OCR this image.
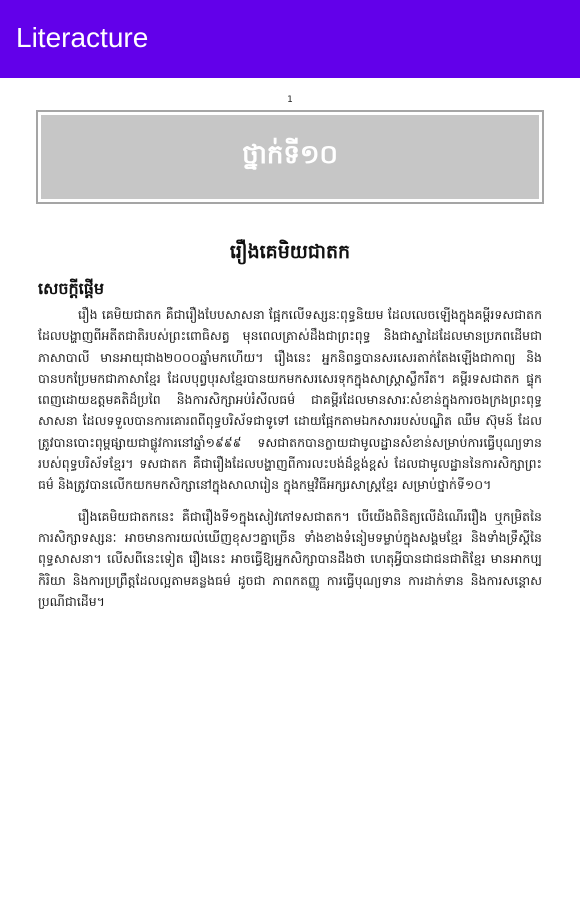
Literacture
1
ថ្នាក់ទី១០
រឿងគេមិយជាតក
សេចក្តីផ្តើម

រឿង គេមិយជាតក គឺជារឿងបែបសាសនា ផ្អែកលើទស្សនៈពុទ្ធនិយម ដែលលេចឡើងក្នុងគម្ពីរទសជាតក ដែលបង្ហាញពីអតីតជាតិរបស់ព្រះពោធិសត្វ មុនពេលត្រាស់ដឹងជាព្រះពុទ្ធ និងជាស្នាដៃដែលមានប្រភពដើមជាភាសាបាលី មានអាយុជាង២០០០ឆ្នាំមកហើយ។ រឿងនេះ អ្នកនិពន្ធបានសរសេរតាក់តែងឡើងជាកាព្យ និងបានបកប្រែមកជាភាសាខ្មែរ ដែលបុព្វបុរសខ្មែរបានយកមកសរសេរទុកក្នុងសាស្ត្រាស្លឹករឹត។ គម្ពីរទសជាតក ផ្ទុកពេញដោយឧត្តមគតិដ៏ប្រពៃ និងការសិក្សាអប់រំសីលធម៌ ជាគម្ពីរដែលមានសារៈសំខាន់ក្នុងការចងក្រងព្រះពុទ្ធសាសនា ដែលទទួលបានការគោរពពីពុទ្ធបរិស័ទជាទូទៅ ដោយផ្អែកតាមឯកសាររបស់បណ្ឌិត ឈឹម ស៊ុមន៍ ដែលត្រូវបានបោះពុម្ពផ្សាយជាផ្លូវការនៅឆ្នាំ១៩៩៩ ទសជាតកបានក្លាយជាមូលដ្ឋានសំខាន់សម្រាប់ការធ្វើបុណ្យទានរបស់ពុទ្ធបរិស័ទខ្មែរ។ ទសជាតក គឺជារឿងដែលបង្ហាញពីការលះបង់ដ៏ខ្ពង់ខ្ពស់ ដែលជាមូលដ្ឋាននៃការសិក្សាព្រះធម៌ និងត្រូវបានលើកយកមកសិក្សានៅក្នុងសាលារៀន ក្នុងកម្មវិធីអក្សរសាស្ត្រខ្មែរ សម្រាប់ថ្នាក់ទី១០។

រឿងគេមិយជាតកនេះ គឺជារឿងទី១ក្នុងសៀវភៅទសជាតក។ បើយើងពិនិត្យលើដំណើររឿង ឬកម្រិតនៃការសិក្សាទស្សនៈ អាចមានការយល់ឃើញខុសៗគ្នាច្រើន ទាំងខាងទំនៀមទម្លាប់ក្នុងសង្គមខ្មែរ និងទាំងទ្រឹស្តីនៃពុទ្ធសាសនា។ លើសពីនេះទៀត រឿងនេះ អាចធ្វើឱ្យអ្នកសិក្សាបានដឹងថា ហេតុអ្វីបានជាជនជាតិខ្មែរ មានអាកប្បកិរិយា និងការប្រព្រឹត្តដែលល្អតាមគន្លងធម៌ ដូចជា ភាពកតញ្ញូ ការធ្វើបុណ្យទាន ការដាក់ទាន និងការសន្ដោសប្រណីជាដើម។
